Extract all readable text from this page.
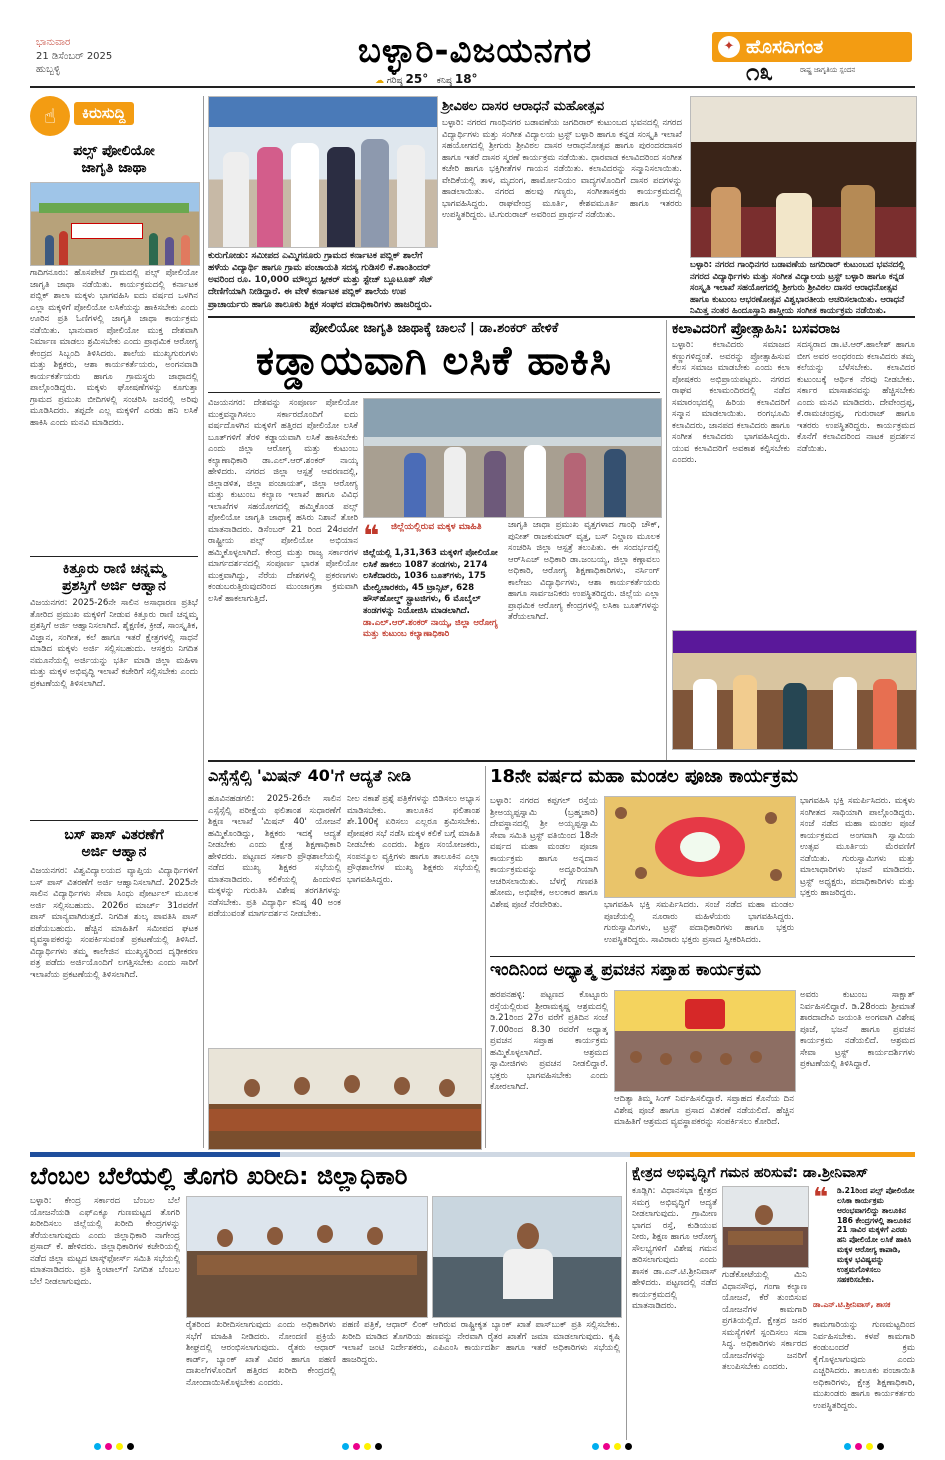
ಭಾನುವಾರ
21 ಡಿಸೆಂಬರ್ 2025
ಹುಬ್ಬಳ್ಳಿ	ಬಳ್ಳಾರಿ-ವಿಜಯನಗರ
☁ ಗರಿಷ್ಠ 25° ಕನಿಷ್ಠ 18°
✦ ಹೊಸದಿಗಂತ
ರಾಷ್ಟ್ರ ಜಾಗೃತಿಯ ಸ್ಪಂದನ
೧೩
☝	ಕಿರುಸುದ್ದಿ
ಪಲ್ಸ್ ಪೋಲಿಯೋ
ಜಾಗೃತಿ ಜಾಥಾ
ಗಾದಿಗನೂರು: ಹೊಸಪೇಟೆ ಗ್ರಾಮದಲ್ಲಿ ಪಲ್ಸ್ ಪೋಲಿಯೋ ಜಾಗೃತಿ ಜಾಥಾ ನಡೆಯಿತು. ಕಾರ್ಯಕ್ರಮದಲ್ಲಿ ಕರ್ನಾಟಕ ಪಬ್ಲಿಕ್ ಶಾಲಾ ಮಕ್ಕಳು ಭಾಗವಹಿಸಿ ಐದು ವರ್ಷದ ಒಳಗಿನ ಎಲ್ಲಾ ಮಕ್ಕಳಿಗೆ ಪೋಲಿಯೋ ಲಸಿಕೆಯನ್ನು ಹಾಕಿಸಬೇಕು ಎಂದು ಊರಿನ ಪ್ರತಿ ಓಣಿಗಳಲ್ಲಿ ಜಾಗೃತಿ ಜಾಥಾ ಕಾರ್ಯಕ್ರಮ ನಡೆಯಿತು. ಭಾನುವಾರ ಪೋಲಿಯೋ ಮುಕ್ತ ದೇಶವಾಗಿ ನಿರ್ಮಾಣ ಮಾಡಲು ಶ್ರಮಿಸಬೇಕು ಎಂದು ಪ್ರಾಥಮಿಕ ಆರೋಗ್ಯ ಕೇಂದ್ರದ ಸಿಬ್ಬಂದಿ ತಿಳಿಸಿದರು. ಶಾಲೆಯ ಮುಖ್ಯಗುರುಗಳು ಮತ್ತು ಶಿಕ್ಷಕರು, ಆಶಾ ಕಾರ್ಯಕರ್ತೆಯರು, ಅಂಗನವಾಡಿ ಕಾರ್ಯಕರ್ತೆಯರು ಹಾಗೂ ಗ್ರಾಮಸ್ಥರು ಜಾಥಾದಲ್ಲಿ ಪಾಲ್ಗೊಂಡಿದ್ದರು. ಮಕ್ಕಳು ಘೋಷಣೆಗಳನ್ನು ಕೂಗುತ್ತಾ ಗ್ರಾಮದ ಪ್ರಮುಖ ಬೀದಿಗಳಲ್ಲಿ ಸಂಚರಿಸಿ ಜನರಲ್ಲಿ ಅರಿವು ಮೂಡಿಸಿದರು. ತಪ್ಪದೇ ಎಲ್ಲ ಮಕ್ಕಳಿಗೆ ಎರಡು ಹನಿ ಲಸಿಕೆ ಹಾಕಿಸಿ ಎಂದು ಮನವಿ ಮಾಡಿದರು.
ಕಿತ್ತೂರು ರಾಣಿ ಚನ್ನಮ್ಮ
ಪ್ರಶಸ್ತಿಗೆ ಅರ್ಜಿ ಆಹ್ವಾನ
ವಿಜಯನಗರ: 2025-26ನೇ ಸಾಲಿನ ಅಸಾಧಾರಣ ಪ್ರತಿಭೆ ತೋರಿದ ಪ್ರಮುಖ ಮಕ್ಕಳಿಗೆ ನೀಡುವ ಕಿತ್ತೂರು ರಾಣಿ ಚನ್ನಮ್ಮ ಪ್ರಶಸ್ತಿಗೆ ಅರ್ಜಿ ಆಹ್ವಾನಿಸಲಾಗಿದೆ. ಶೈಕ್ಷಣಿಕ, ಕ್ರೀಡೆ, ಸಾಂಸ್ಕೃತಿಕ, ವಿಜ್ಞಾನ, ಸಂಗೀತ, ಕಲೆ ಹಾಗೂ ಇತರೆ ಕ್ಷೇತ್ರಗಳಲ್ಲಿ ಸಾಧನೆ ಮಾಡಿದ ಮಕ್ಕಳು ಅರ್ಜಿ ಸಲ್ಲಿಸಬಹುದು. ಆಸಕ್ತರು ನಿಗದಿತ ನಮೂನೆಯಲ್ಲಿ ಅರ್ಜಿಯನ್ನು ಭರ್ತಿ ಮಾಡಿ ಜಿಲ್ಲಾ ಮಹಿಳಾ ಮತ್ತು ಮಕ್ಕಳ ಅಭಿವೃದ್ಧಿ ಇಲಾಖೆ ಕಚೇರಿಗೆ ಸಲ್ಲಿಸಬೇಕು ಎಂದು ಪ್ರಕಟಣೆಯಲ್ಲಿ ತಿಳಿಸಲಾಗಿದೆ.
ಬಸ್ ಪಾಸ್ ವಿತರಣೆಗೆ
ಅರ್ಜಿ ಆಹ್ವಾನ
ವಿಜಯನಗರ: ವಿಶ್ವವಿದ್ಯಾಲಯದ ವ್ಯಾಪ್ತಿಯ ವಿದ್ಯಾರ್ಥಿಗಳಿಗೆ ಬಸ್ ಪಾಸ್ ವಿತರಣೆಗೆ ಅರ್ಜಿ ಆಹ್ವಾನಿಸಲಾಗಿದೆ. 2025ನೇ ಸಾಲಿನ ವಿದ್ಯಾರ್ಥಿಗಳು ಸೇವಾ ಸಿಂಧು ಪೋರ್ಟಲ್ ಮೂಲಕ ಅರ್ಜಿ ಸಲ್ಲಿಸಬಹುದು. 2026ರ ಮಾರ್ಚ್ 31ರವರೆಗೆ ಪಾಸ್ ಮಾನ್ಯವಾಗಿರುತ್ತದೆ. ನಿಗದಿತ ಶುಲ್ಕ ಪಾವತಿಸಿ ಪಾಸ್ ಪಡೆಯಬಹುದು. ಹೆಚ್ಚಿನ ಮಾಹಿತಿಗೆ ಸಮೀಪದ ಘಟಕ ವ್ಯವಸ್ಥಾಪಕರನ್ನು ಸಂಪರ್ಕಿಸುವಂತೆ ಪ್ರಕಟಣೆಯಲ್ಲಿ ತಿಳಿಸಿದೆ. ವಿದ್ಯಾರ್ಥಿಗಳು ತಮ್ಮ ಕಾಲೇಜಿನ ಮುಖ್ಯಸ್ಥರಿಂದ ದೃಢೀಕರಣ ಪತ್ರ ಪಡೆದು ಅರ್ಜಿಯೊಂದಿಗೆ ಲಗತ್ತಿಸಬೇಕು ಎಂದು ಸಾರಿಗೆ ಇಲಾಖೆಯ ಪ್ರಕಟಣೆಯಲ್ಲಿ ತಿಳಿಸಲಾಗಿದೆ.
ಕುರುಗೋಡು: ಸಮೀಪದ ಎಮ್ಮಿಗನೂರು ಗ್ರಾಮದ ಕರ್ನಾಟಕ ಪಬ್ಲಿಕ್ ಶಾಲೆಗೆ ಹಳೆಯ ವಿದ್ಯಾರ್ಥಿ ಹಾಗೂ ಗ್ರಾಮ ಪಂಚಾಯತಿ ಸದಸ್ಯ ಗುಡಿಸಲಿ ಕೆ.ಶಾಂತಿಂದರ್ ಅವರಿಂದ ರೂ. 10,000 ಮೌಲ್ಯದ ಸ್ಪೀಕರ್ ಮತ್ತು ಸ್ಟೇಜ್ ಬ್ಲೂಟೂತ್ ಸೆಟ್ ದೇಣಿಗೆಯಾಗಿ ನೀಡಿದ್ದಾರೆ. ಈ ವೇಳೆ ಕರ್ನಾಟಕ ಪಬ್ಲಿಕ್ ಶಾಲೆಯ ಉಪ ಪ್ರಾಚಾರ್ಯರು ಹಾಗೂ ತಾಲೂಕು ಶಿಕ್ಷಕ ಸಂಘದ ಪದಾಧಿಕಾರಿಗಳು ಹಾಜರಿದ್ದರು.
ಶ್ರೀವಿಠಲ ದಾಸರ ಆರಾಧನೆ ಮಹೋತ್ಸವ
ಬಳ್ಳಾರಿ: ನಗರದ ಗಾಂಧಿನಗರ ಬಡಾವಣೆಯ ಜಗದಿರಾರ್ ಕುಟುಂಬದ ಭವನದಲ್ಲಿ ನಗರದ ವಿದ್ಯಾರ್ಥಿಗಳು ಮತ್ತು ಸಂಗೀತ ವಿದ್ಯಾಲಯ ಟ್ರಸ್ಟ್ ಬಳ್ಳಾರಿ ಹಾಗೂ ಕನ್ನಡ ಸಂಸ್ಕೃತಿ ಇಲಾಖೆ ಸಹಯೋಗದಲ್ಲಿ ಶ್ರೀಗುರು ಶ್ರೀವಿಠಲ ದಾಸರ ಆರಾಧನೋತ್ಸವ ಹಾಗೂ ಪುರಂದರದಾಸರ ಹಾಗೂ ಇತರೆ ದಾಸರ ಸ್ಮರಣೆ ಕಾರ್ಯಕ್ರಮ ನಡೆಯಿತು. ಧಾರವಾಡ ಕಲಾವಿದರಿಂದ ಸಂಗೀತ ಕಚೇರಿ ಹಾಗೂ ಭಕ್ತಿಗೀತೆಗಳ ಗಾಯನ ನಡೆಯಿತು. ಕಲಾವಿದರನ್ನು ಸನ್ಮಾನಿಸಲಾಯಿತು. ವೇದಿಕೆಯಲ್ಲಿ ತಾಳ, ಮೃದಂಗ, ಹಾರ್ಮೋನಿಯಂ ವಾದ್ಯಗಳೊಂದಿಗೆ ದಾಸರ ಪದಗಳನ್ನು ಹಾಡಲಾಯಿತು. ನಗರದ ಹಲವು ಗಣ್ಯರು, ಸಂಗೀತಾಸಕ್ತರು ಕಾರ್ಯಕ್ರಮದಲ್ಲಿ ಭಾಗವಹಿಸಿದ್ದರು. ರಾಘವೇಂದ್ರ ಮೂರ್ತಿ, ಕೇಶವಮೂರ್ತಿ ಹಾಗೂ ಇತರರು ಉಪಸ್ಥಿತರಿದ್ದರು. ಟಿ.ಗುರುರಾಜ್ ಅವರಿಂದ ಪ್ರಾರ್ಥನೆ ನಡೆಯಿತು.
ಬಳ್ಳಾರಿ: ನಗರದ ಗಾಂಧಿನಗರ ಬಡಾವಣೆಯ ಜಗದಿರಾರ್ ಕುಟುಂಬದ ಭವನದಲ್ಲಿ ನಗರದ ವಿದ್ಯಾರ್ಥಿಗಳು ಮತ್ತು ಸಂಗೀತ ವಿದ್ಯಾಲಯ ಟ್ರಸ್ಟ್ ಬಳ್ಳಾರಿ ಹಾಗೂ ಕನ್ನಡ ಸಂಸ್ಕೃತಿ ಇಲಾಖೆ ಸಹಯೋಗದಲ್ಲಿ ಶ್ರೀಗುರು ಶ್ರೀವಿಠಲ ದಾಸರ ಆರಾಧನೋತ್ಸವ ಹಾಗೂ ಕುಟುಂಬ ಆಭರಣೋತ್ಸವ ವಿಶ್ವಭಾರತೀಯ ಆಚರಿಸಲಾಯಿತು. ಆರಾಧನೆ ನಿಮಿತ್ತ ನಂತರ ಹಿಂದೂಸ್ತಾನಿ ಶಾಸ್ತ್ರೀಯ ಸಂಗೀತ ಕಾರ್ಯಕ್ರಮ ನಡೆಯಿತು.
ಪೋಲಿಯೋ ಜಾಗೃತಿ ಜಾಥಾಕ್ಕೆ ಚಾಲನೆ | ಡಾ.ಶಂಕರ್ ಹೇಳಿಕೆ
ಕಡ್ಡಾಯವಾಗಿ ಲಸಿಕೆ ಹಾಕಿಸಿ
ವಿಜಯನಗರ: ದೇಶವನ್ನು ಸಂಪೂರ್ಣ ಪೋಲಿಯೋ ಮುಕ್ತವನ್ನಾಗಿಸಲು ಸರ್ಕಾರದೊಂದಿಗೆ ಐದು ವರ್ಷದೊಳಗಿನ ಮಕ್ಕಳಿಗೆ ಹತ್ತಿರದ ಪೋಲಿಯೋ ಲಸಿಕೆ ಬೂತ್‌ಗಳಿಗೆ ತೆರಳಿ ಕಡ್ಡಾಯವಾಗಿ ಲಸಿಕೆ ಹಾಕಿಸಬೇಕು ಎಂದು ಜಿಲ್ಲಾ ಆರೋಗ್ಯ ಮತ್ತು ಕುಟುಂಬ ಕಲ್ಯಾಣಾಧಿಕಾರಿ ಡಾ.ಎಲ್.ಆರ್.ಶಂಕರ್ ನಾಯ್ಕ ಹೇಳಿದರು. ನಗರದ ಜಿಲ್ಲಾ ಆಸ್ಪತ್ರೆ ಆವರಣದಲ್ಲಿ, ಜಿಲ್ಲಾಡಳಿತ, ಜಿಲ್ಲಾ ಪಂಚಾಯತ್, ಜಿಲ್ಲಾ ಆರೋಗ್ಯ ಮತ್ತು ಕುಟುಂಬ ಕಲ್ಯಾಣ ಇಲಾಖೆ ಹಾಗೂ ವಿವಿಧ ಇಲಾಖೆಗಳ ಸಹಯೋಗದಲ್ಲಿ ಹಮ್ಮಿಕೊಂಡ ಪಲ್ಸ್ ಪೋಲಿಯೋ ಜಾಗೃತಿ ಜಾಥಾಕ್ಕೆ ಹಸಿರು ನಿಶಾನೆ ತೋರಿ ಮಾತನಾಡಿದರು. ಡಿಸೆಂಬರ್ 21 ರಿಂದ 24ರವರೆಗೆ ರಾಷ್ಟ್ರೀಯ ಪಲ್ಸ್ ಪೋಲಿಯೋ ಅಭಿಯಾನ ಹಮ್ಮಿಕೊಳ್ಳಲಾಗಿದೆ. ಕೇಂದ್ರ ಮತ್ತು ರಾಜ್ಯ ಸರ್ಕಾರಗಳ ಮಾರ್ಗದರ್ಶನದಲ್ಲಿ ಸಂಪೂರ್ಣ ಭಾರತ ಪೋಲಿಯೋ ಮುಕ್ತವಾಗಿದ್ದು, ನೆರೆಯ ದೇಶಗಳಲ್ಲಿ ಪ್ರಕರಣಗಳು ಕಂಡುಬರುತ್ತಿರುವುದರಿಂದ ಮುಂಜಾಗ್ರತಾ ಕ್ರಮವಾಗಿ ಲಸಿಕೆ ಹಾಕಲಾಗುತ್ತಿದೆ.
❝ ಜಿಲ್ಲೆಯಲ್ಲಿರುವ ಮಕ್ಕಳ ಮಾಹಿತಿ
ಜಿಲ್ಲೆಯಲ್ಲಿ 1,31,363 ಮಕ್ಕಳಿಗೆ ಪೋಲಿಯೋ ಲಸಿಕೆ ಹಾಕಲು 1087 ತಂಡಗಳು, 2174 ಲಸಿಕೆದಾರರು, 1036 ಬೂತ್‌ಗಳು, 175 ಮೇಲ್ವಿಚಾರಕರು, 45 ಟ್ರಾನ್ಸಿಟ್, 628 ಹೌಸ್‌ಹೋಲ್ಡ್ ಸ್ಟ್ರಾಟಜಿಗಳು, 6 ಮೊಬೈಲ್ ತಂಡಗಳನ್ನು ನಿಯೋಜಿಸಿ ಮಾಡಲಾಗಿದೆ.
ಡಾ.ಎಲ್.ಆರ್.ಶಂಕರ್ ನಾಯ್ಕ, ಜಿಲ್ಲಾ ಆರೋಗ್ಯ ಮತ್ತು ಕುಟುಂಬ ಕಲ್ಯಾಣಾಧಿಕಾರಿ
ಜಾಗೃತಿ ಜಾಥಾ ಪ್ರಮುಖ ವೃತ್ತಗಳಾದ ಗಾಂಧಿ ಚೌಕ್, ಪುನೀತ್ ರಾಜಕುಮಾರ್ ವೃತ್ತ, ಬಸ್ ನಿಲ್ದಾಣ ಮೂಲಕ ಸಂಚರಿಸಿ ಜಿಲ್ಲಾ ಆಸ್ಪತ್ರೆ ತಲುಪಿತು. ಈ ಸಂದರ್ಭದಲ್ಲಿ ಆರ್‌ಸಿಎಚ್ ಅಧಿಕಾರಿ ಡಾ.ಜಂಬಯ್ಯ, ಜಿಲ್ಲಾ ಕಣ್ಗಾವಲು ಅಧಿಕಾರಿ, ಆರೋಗ್ಯ ಶಿಕ್ಷಣಾಧಿಕಾರಿಗಳು, ನರ್ಸಿಂಗ್ ಕಾಲೇಜು ವಿದ್ಯಾರ್ಥಿಗಳು, ಆಶಾ ಕಾರ್ಯಕರ್ತೆಯರು ಹಾಗೂ ಸಾರ್ವಜನಿಕರು ಉಪಸ್ಥಿತರಿದ್ದರು. ಜಿಲ್ಲೆಯ ಎಲ್ಲಾ ಪ್ರಾಥಮಿಕ ಆರೋಗ್ಯ ಕೇಂದ್ರಗಳಲ್ಲಿ ಲಸಿಕಾ ಬೂತ್‌ಗಳನ್ನು ತೆರೆಯಲಾಗಿದೆ.
ಕಲಾವಿದರಿಗೆ ಪ್ರೋತ್ಸಾಹಿಸಿ: ಬಸವರಾಜ
ಬಳ್ಳಾರಿ: ಕಲಾವಿದರು ಸಮಾಜದ ಕಣ್ಣುಗಳಿದ್ದಂತೆ. ಅವರನ್ನು ಪ್ರೋತ್ಸಾಹಿಸುವ ಕೆಲಸ ಸಮಾಜ ಮಾಡಬೇಕು ಎಂದು ಕಲಾ ಪೋಷಕರು ಅಭಿಪ್ರಾಯಪಟ್ಟರು. ನಗರದ ರಾಘವ ಕಲಾಮಂದಿರದಲ್ಲಿ ನಡೆದ ಸಮಾರಂಭದಲ್ಲಿ ಹಿರಿಯ ಕಲಾವಿದರಿಗೆ ಸನ್ಮಾನ ಮಾಡಲಾಯಿತು. ರಂಗಭೂಮಿ ಕಲಾವಿದರು, ಜಾನಪದ ಕಲಾವಿದರು ಹಾಗೂ ಸಂಗೀತ ಕಲಾವಿದರು ಭಾಗವಹಿಸಿದ್ದರು. ಯುವ ಕಲಾವಿದರಿಗೆ ಅವಕಾಶ ಕಲ್ಪಿಸಬೇಕು ಎಂದರು.
ಸದಸ್ಯರಾದ ಡಾ.ಟಿ.ಆರ್.ಹಾಲೇಶ್ ಹಾಗೂ ಬೀಗ ಅವರ ಅಂಧರಂದು ಕಲಾವಿದರು ತಮ್ಮ ಕಲೆಯನ್ನು ಬೆಳೆಸಬೇಕು. ಕಲಾವಿದರ ಕುಟುಂಬಕ್ಕೆ ಆರ್ಥಿಕ ನೆರವು ನೀಡಬೇಕು. ಸರ್ಕಾರ ಮಾಸಾಶನವನ್ನು ಹೆಚ್ಚಿಸಬೇಕು ಎಂದು ಮನವಿ ಮಾಡಿದರು. ದೇವೇಂದ್ರಪ್ಪ, ಕೆ.ರಾಮಚಂದ್ರಪ್ಪ, ಗುರುರಾಜ್ ಹಾಗೂ ಇತರರು ಉಪಸ್ಥಿತರಿದ್ದರು. ಕಾರ್ಯಕ್ರಮದ ಕೊನೆಗೆ ಕಲಾವಿದರಿಂದ ನಾಟಕ ಪ್ರದರ್ಶನ ನಡೆಯಿತು.
ಎಸ್ಸೆಸ್ಸೆಲ್ಸಿ 'ಮಿಷನ್ 40'ಗೆ ಆದ್ಯತೆ ನೀಡಿ
ಹೂವಿನಹಡಗಲಿ: 2025-26ನೇ ಸಾಲಿನ ಎಸ್ಸೆಸ್ಸೆಲ್ಸಿ ಪರೀಕ್ಷೆಯ ಫಲಿತಾಂಶ ಸುಧಾರಣೆಗೆ ಶಿಕ್ಷಣ ಇಲಾಖೆ 'ಮಿಷನ್ 40' ಯೋಜನೆ ಹಮ್ಮಿಕೊಂಡಿದ್ದು, ಶಿಕ್ಷಕರು ಇದಕ್ಕೆ ಆದ್ಯತೆ ನೀಡಬೇಕು ಎಂದು ಕ್ಷೇತ್ರ ಶಿಕ್ಷಣಾಧಿಕಾರಿ ಹೇಳಿದರು. ಪಟ್ಟಣದ ಸರ್ಕಾರಿ ಪ್ರೌಢಶಾಲೆಯಲ್ಲಿ ನಡೆದ ಮುಖ್ಯ ಶಿಕ್ಷಕರ ಸಭೆಯಲ್ಲಿ ಮಾತನಾಡಿದರು. ಕಲಿಕೆಯಲ್ಲಿ ಹಿಂದುಳಿದ ಮಕ್ಕಳನ್ನು ಗುರುತಿಸಿ ವಿಶೇಷ ತರಗತಿಗಳನ್ನು ನಡೆಸಬೇಕು. ಪ್ರತಿ ವಿದ್ಯಾರ್ಥಿ ಕನಿಷ್ಠ 40 ಅಂಕ ಪಡೆಯುವಂತೆ ಮಾರ್ಗದರ್ಶನ ನೀಡಬೇಕು.
ನೀಲ ನಕಾಶೆ ಪ್ರಶ್ನೆ ಪತ್ರಿಕೆಗಳನ್ನು ಬಿಡಿಸಲು ಅಭ್ಯಾಸ ಮಾಡಿಸಬೇಕು. ತಾಲೂಕಿನ ಫಲಿತಾಂಶ ಶೇ.100ಕ್ಕೆ ಏರಿಸಲು ಎಲ್ಲರೂ ಶ್ರಮಿಸಬೇಕು. ಪೋಷಕರ ಸಭೆ ನಡೆಸಿ ಮಕ್ಕಳ ಕಲಿಕೆ ಬಗ್ಗೆ ಮಾಹಿತಿ ನೀಡಬೇಕು ಎಂದರು. ಶಿಕ್ಷಣ ಸಂಯೋಜಕರು, ಸಂಪನ್ಮೂಲ ವ್ಯಕ್ತಿಗಳು ಹಾಗೂ ತಾಲೂಕಿನ ಎಲ್ಲಾ ಪ್ರೌಢಶಾಲೆಗಳ ಮುಖ್ಯ ಶಿಕ್ಷಕರು ಸಭೆಯಲ್ಲಿ ಭಾಗವಹಿಸಿದ್ದರು.
18ನೇ ವರ್ಷದ ಮಹಾ ಮಂಡಲ ಪೂಜಾ ಕಾರ್ಯಕ್ರಮ
ಬಳ್ಳಾರಿ: ನಗರದ ಕಪ್ಪಗಲ್ ರಸ್ತೆಯ ಶ್ರೀಅಯ್ಯಪ್ಪಸ್ವಾಮಿ (ಬ್ರಹ್ಮಚಾರಿ) ದೇವಸ್ಥಾನದಲ್ಲಿ ಶ್ರೀ ಅಯ್ಯಪ್ಪಸ್ವಾಮಿ ಸೇವಾ ಸಮಿತಿ ಟ್ರಸ್ಟ್ ವತಿಯಿಂದ 18ನೇ ವರ್ಷದ ಮಹಾ ಮಂಡಲ ಪೂಜಾ ಕಾರ್ಯಕ್ರಮ ಹಾಗೂ ಅನ್ನದಾನ ಕಾರ್ಯಕ್ರಮವನ್ನು ಅದ್ದೂರಿಯಾಗಿ ಆಚರಿಸಲಾಯಿತು. ಬೆಳಗ್ಗೆ ಗಣಪತಿ ಹೋಮ, ಅಭಿಷೇಕ, ಅಲಂಕಾರ ಹಾಗೂ ವಿಶೇಷ ಪೂಜೆ ನೆರವೇರಿತು.	ಭಾಗವಹಿಸಿ ಭಕ್ತಿ ಸಮರ್ಪಿಸಿದರು. ಸಂಜೆ ನಡೆದ ಮಹಾ ಮಂಡಲ ಪೂಜೆಯಲ್ಲಿ ನೂರಾರು ಮಹಿಳೆಯರು ಭಾಗವಹಿಸಿದ್ದರು. ಗುರುಸ್ವಾಮಿಗಳು, ಟ್ರಸ್ಟ್ ಪದಾಧಿಕಾರಿಗಳು ಹಾಗೂ ಭಕ್ತರು ಉಪಸ್ಥಿತರಿದ್ದರು. ಸಾವಿರಾರು ಭಕ್ತರು ಪ್ರಸಾದ ಸ್ವೀಕರಿಸಿದರು.
ಭಾಗವಹಿಸಿ ಭಕ್ತಿ ಸಮರ್ಪಿಸಿದರು. ಮಕ್ಕಳು ಸಂಗೀತದ ಸಾಥಿಯಾಗಿ ಪಾಲ್ಗೊಂಡಿದ್ದರು. ಸಂಜೆ ನಡೆದ ಮಹಾ ಮಂಡಲ ಪೂಜೆ ಕಾರ್ಯಕ್ರಮದ ಅಂಗವಾಗಿ ಸ್ವಾಮಿಯ ಉತ್ಸವ ಮೂರ್ತಿಯ ಮೆರವಣಿಗೆ ನಡೆಯಿತು. ಗುರುಸ್ವಾಮಿಗಳು ಮತ್ತು ಮಾಲಾಧಾರಿಗಳು ಭಜನೆ ಮಾಡಿದರು. ಟ್ರಸ್ಟ್ ಅಧ್ಯಕ್ಷರು, ಪದಾಧಿಕಾರಿಗಳು ಮತ್ತು ಭಕ್ತರು ಹಾಜರಿದ್ದರು.
ಇಂದಿನಿಂದ ಅಧ್ಯಾತ್ಮ ಪ್ರವಚನ ಸಪ್ತಾಹ ಕಾರ್ಯಕ್ರಮ
ಹರಪನಹಳ್ಳಿ: ಪಟ್ಟಣದ ಕೊಟ್ಟೂರು ರಸ್ತೆಯಲ್ಲಿರುವ ಶ್ರೀರಾಮಕೃಷ್ಣ ಆಶ್ರಮದಲ್ಲಿ ಡಿ.21ರಿಂದ 27ರ ವರೆಗೆ ಪ್ರತಿದಿನ ಸಂಜೆ 7.00ರಿಂದ 8.30 ರವರೆಗೆ ಅಧ್ಯಾತ್ಮ ಪ್ರವಚನ ಸಪ್ತಾಹ ಕಾರ್ಯಕ್ರಮ ಹಮ್ಮಿಕೊಳ್ಳಲಾಗಿದೆ. ಆಶ್ರಮದ ಸ್ವಾಮೀಜಿಗಳು ಪ್ರವಚನ ನೀಡಲಿದ್ದಾರೆ. ಭಕ್ತರು ಭಾಗವಹಿಸಬೇಕು ಎಂದು ಕೋರಲಾಗಿದೆ.
ಆದಿತ್ಯಾ ತಿಮ್ಮ ಸಿಂಗ್ ನಿರ್ವಹಿಸಲಿದ್ದಾರೆ. ಸಪ್ತಾಹದ ಕೊನೆಯ ದಿನ ವಿಶೇಷ ಪೂಜೆ ಹಾಗೂ ಪ್ರಸಾದ ವಿತರಣೆ ನಡೆಯಲಿದೆ. ಹೆಚ್ಚಿನ ಮಾಹಿತಿಗೆ ಆಶ್ರಮದ ವ್ಯವಸ್ಥಾಪಕರನ್ನು ಸಂಪರ್ಕಿಸಲು ಕೋರಿದೆ.
ಅವರು ಕುಟುಂಬ ಸಾಕ್ಷಾತ್ ನಿರ್ವಹಿಸಲಿದ್ದಾರೆ. ಡಿ.28ರಂದು ಶ್ರೀಮಾತೆ ಶಾರದಾದೇವಿ ಜಯಂತಿ ಅಂಗವಾಗಿ ವಿಶೇಷ ಪೂಜೆ, ಭಜನೆ ಹಾಗೂ ಪ್ರವಚನ ಕಾರ್ಯಕ್ರಮ ನಡೆಯಲಿದೆ. ಆಶ್ರಮದ ಸೇವಾ ಟ್ರಸ್ಟ್ ಕಾರ್ಯದರ್ಶಿಗಳು ಪ್ರಕಟಣೆಯಲ್ಲಿ ತಿಳಿಸಿದ್ದಾರೆ.
ಬೆಂಬಲ ಬೆಲೆಯಲ್ಲಿ ತೊಗರಿ ಖರೀದಿ: ಜಿಲ್ಲಾಧಿಕಾರಿ
ಬಳ್ಳಾರಿ: ಕೇಂದ್ರ ಸರ್ಕಾರದ ಬೆಂಬಲ ಬೆಲೆ ಯೋಜನೆಯಡಿ ಎಫ್‌ಎಕ್ಯೂ ಗುಣಮಟ್ಟದ ತೊಗರಿ ಖರೀದಿಸಲು ಜಿಲ್ಲೆಯಲ್ಲಿ ಖರೀದಿ ಕೇಂದ್ರಗಳನ್ನು ತೆರೆಯಲಾಗುವುದು ಎಂದು ಜಿಲ್ಲಾಧಿಕಾರಿ ನಾಗೇಂದ್ರ ಪ್ರಸಾದ್ ಕೆ. ಹೇಳಿದರು. ಜಿಲ್ಲಾಧಿಕಾರಿಗಳ ಕಚೇರಿಯಲ್ಲಿ ನಡೆದ ಜಿಲ್ಲಾ ಮಟ್ಟದ ಟಾಸ್ಕ್‌ಫೋರ್ಸ್ ಸಮಿತಿ ಸಭೆಯಲ್ಲಿ ಮಾತನಾಡಿದರು. ಪ್ರತಿ ಕ್ವಿಂಟಾಲ್‌ಗೆ ನಿಗದಿತ ಬೆಂಬಲ ಬೆಲೆ ನೀಡಲಾಗುವುದು.
ರೈತರಿಂದ ಖರೀದಿಸಲಾಗುವುದು ಎಂದು ಅಧಿಕಾರಿಗಳು ಸಭೆಗೆ ಮಾಹಿತಿ ನೀಡಿದರು. ನೋಂದಣಿ ಪ್ರಕ್ರಿಯೆ ಶೀಘ್ರದಲ್ಲಿ ಆರಂಭಿಸಲಾಗುವುದು. ರೈತರು ಆಧಾರ್ ಕಾರ್ಡ್, ಬ್ಯಾಂಕ್ ಖಾತೆ ವಿವರ ಹಾಗೂ ಪಹಣಿ ದಾಖಲೆಗಳೊಂದಿಗೆ ಹತ್ತಿರದ ಖರೀದಿ ಕೇಂದ್ರದಲ್ಲಿ ನೋಂದಾಯಿಸಿಕೊಳ್ಳಬೇಕು ಎಂದರು.
ಪಹಣಿ ಪತ್ರಿಕೆ, ಆಧಾರ್ ಲಿಂಕ್ ಆಗಿರುವ ರಾಷ್ಟ್ರೀಕೃತ ಬ್ಯಾಂಕ್ ಖಾತೆ ಪಾಸ್‌ಬುಕ್ ಪ್ರತಿ ಸಲ್ಲಿಸಬೇಕು. ಖರೀದಿ ಮಾಡಿದ ತೊಗರಿಯ ಹಣವನ್ನು ನೇರವಾಗಿ ರೈತರ ಖಾತೆಗೆ ಜಮಾ ಮಾಡಲಾಗುವುದು. ಕೃಷಿ ಇಲಾಖೆ ಜಂಟಿ ನಿರ್ದೇಶಕರು, ಎಪಿಎಂಸಿ ಕಾರ್ಯದರ್ಶಿ ಹಾಗೂ ಇತರೆ ಅಧಿಕಾರಿಗಳು ಸಭೆಯಲ್ಲಿ ಹಾಜರಿದ್ದರು.
ಕ್ಷೇತ್ರದ ಅಭಿವೃದ್ಧಿಗೆ ಗಮನ ಹರಿಸುವೆ: ಡಾ.ಶ್ರೀನಿವಾಸ್
ಕೂಡ್ಲಿಗಿ: ವಿಧಾನಸಭಾ ಕ್ಷೇತ್ರದ ಸಮಗ್ರ ಅಭಿವೃದ್ಧಿಗೆ ಆದ್ಯತೆ ನೀಡಲಾಗುವುದು. ಗ್ರಾಮೀಣ ಭಾಗದ ರಸ್ತೆ, ಕುಡಿಯುವ ನೀರು, ಶಿಕ್ಷಣ ಹಾಗೂ ಆರೋಗ್ಯ ಸೌಲಭ್ಯಗಳಿಗೆ ವಿಶೇಷ ಗಮನ ಹರಿಸಲಾಗುವುದು ಎಂದು ಶಾಸಕ ಡಾ.ಎನ್.ಟಿ.ಶ್ರೀನಿವಾಸ್ ಹೇಳಿದರು. ಪಟ್ಟಣದಲ್ಲಿ ನಡೆದ ಕಾರ್ಯಕ್ರಮದಲ್ಲಿ ಮಾತನಾಡಿದರು.
ಗುಡೆಕೋಟೆಯಲ್ಲಿ ಮಿನಿ ವಿಧಾನಸೌಧ, ಗಂಗಾ ಕಲ್ಯಾಣ ಯೋಜನೆ, ಕೆರೆ ತುಂಬಿಸುವ ಯೋಜನೆಗಳ ಕಾಮಗಾರಿ ಪ್ರಗತಿಯಲ್ಲಿದೆ. ಕ್ಷೇತ್ರದ ಜನರ ಸಮಸ್ಯೆಗಳಿಗೆ ಸ್ಪಂದಿಸಲು ಸದಾ ಸಿದ್ಧ. ಅಧಿಕಾರಿಗಳು ಸರ್ಕಾರದ ಯೋಜನೆಗಳನ್ನು ಜನರಿಗೆ ತಲುಪಿಸಬೇಕು ಎಂದರು.
❝ ಡಿ.21ರಿಂದ ಪಲ್ಸ್ ಪೋಲಿಯೋ ಲಸಿಕಾ ಕಾರ್ಯಕ್ರಮ ಆರಂಭವಾಗಲಿದ್ದು ತಾಲೂಕಿನ 186 ಕೇಂದ್ರಗಳಲ್ಲಿ ತಾಲೂಕಿನ 21 ಸಾವಿರ ಮಕ್ಕಳಿಗೆ ಎರಡು ಹನಿ ಪೋಲಿಯೋ ಲಸಿಕೆ ಹಾಕಿಸಿ ಮಕ್ಕಳ ಆರೋಗ್ಯ ಕಾಪಾಡಿ, ಮಕ್ಕಳ ಭವಿಷ್ಯವನ್ನು ಉತ್ತಮಗೊಳಿಸಲು ಸಹಕರಿಸಬೇಕು.
ಡಾ.ಎನ್.ಟಿ.ಶ್ರೀನಿವಾಸ್, ಶಾಸಕ
ಕಾಮಗಾರಿಯನ್ನು ಗುಣಮಟ್ಟದಿಂದ ನಿರ್ವಹಿಸಬೇಕು. ಕಳಪೆ ಕಾಮಗಾರಿ ಕಂಡುಬಂದರೆ ಕ್ರಮ ಕೈಗೊಳ್ಳಲಾಗುವುದು ಎಂದು ಎಚ್ಚರಿಸಿದರು. ತಾಲೂಕು ಪಂಚಾಯಿತಿ ಅಧಿಕಾರಿಗಳು, ಕ್ಷೇತ್ರ ಶಿಕ್ಷಣಾಧಿಕಾರಿ, ಮುಖಂಡರು ಹಾಗೂ ಕಾರ್ಯಕರ್ತರು ಉಪಸ್ಥಿತರಿದ್ದರು.
